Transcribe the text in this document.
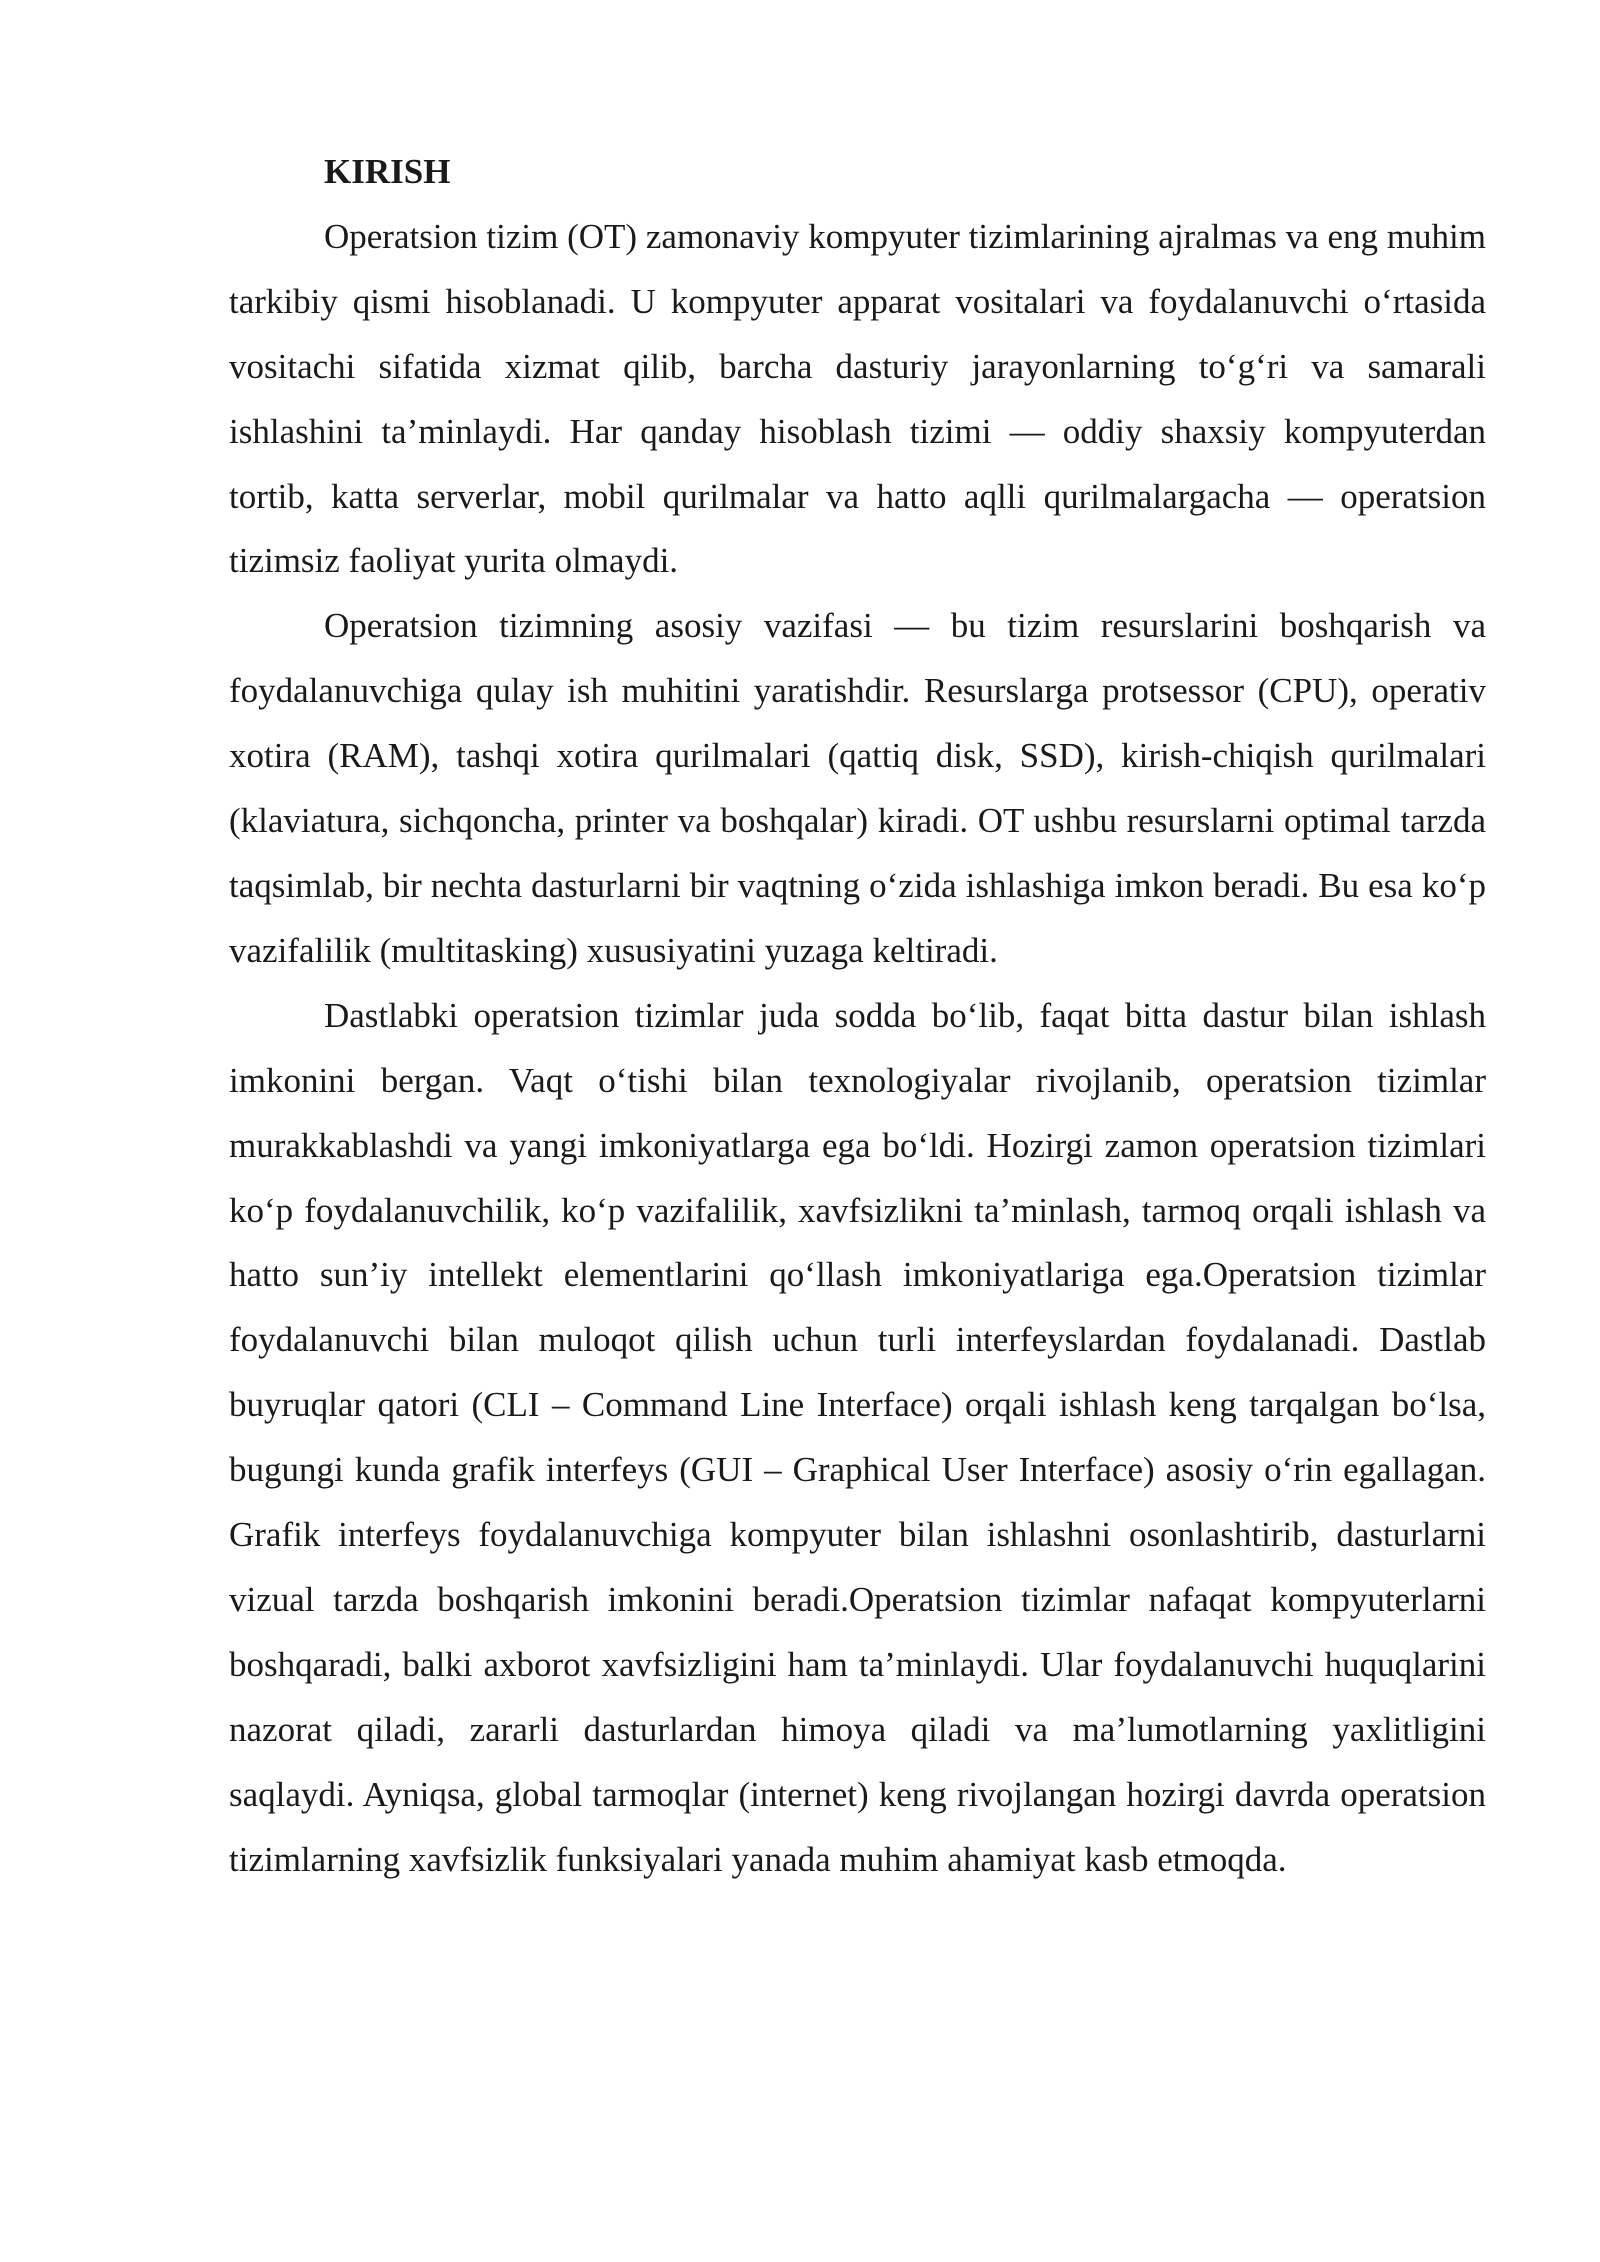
KIRISH

Operatsion tizim (OT) zamonaviy kompyuter tizimlarining ajralmas va eng muhim tarkibiy qismi hisoblanadi. U kompyuter apparat vositalari va foydalanuvchi o‘rtasida vositachi sifatida xizmat qilib, barcha dasturiy jarayonlarning to‘g‘ri va samarali ishlashini ta’minlaydi. Har qanday hisoblash tizimi — oddiy shaxsiy kompyuterdan tortib, katta serverlar, mobil qurilmalar va hatto aqlli qurilmalargacha — operatsion tizimsiz faoliyat yurita olmaydi.

Operatsion tizimning asosiy vazifasi — bu tizim resurslarini boshqarish va foydalanuvchiga qulay ish muhitini yaratishdir. Resurslarga protsessor (CPU), operativ xotira (RAM), tashqi xotira qurilmalari (qattiq disk, SSD), kirish-chiqish qurilmalari (klaviatura, sichqoncha, printer va boshqalar) kiradi. OT ushbu resurslarni optimal tarzda taqsimlab, bir nechta dasturlarni bir vaqtning o‘zida ishlashiga imkon beradi. Bu esa ko‘p vazifalilik (multitasking) xususiyatini yuzaga keltiradi.

Dastlabki operatsion tizimlar juda sodda bo‘lib, faqat bitta dastur bilan ishlash imkonini bergan. Vaqt o‘tishi bilan texnologiyalar rivojlanib, operatsion tizimlar murakkablashdi va yangi imkoniyatlarga ega bo‘ldi. Hozirgi zamon operatsion tizimlari ko‘p foydalanuvchilik, ko‘p vazifalilik, xavfsizlikni ta’minlash, tarmoq orqali ishlash va hatto sun’iy intellekt elementlarini qo‘llash imkoniyatlariga ega.Operatsion tizimlar foydalanuvchi bilan muloqot qilish uchun turli interfeyslardan foydalanadi. Dastlab buyruqlar qatori (CLI – Command Line Interface) orqali ishlash keng tarqalgan bo‘lsa, bugungi kunda grafik interfeys (GUI – Graphical User Interface) asosiy o‘rin egallagan. Grafik interfeys foydalanuvchiga kompyuter bilan ishlashni osonlashtirib, dasturlarni vizual tarzda boshqarish imkonini beradi.Operatsion tizimlar nafaqat kompyuterlarni boshqaradi, balki axborot xavfsizligini ham ta’minlaydi. Ular foydalanuvchi huquqlarini nazorat qiladi, zararli dasturlardan himoya qiladi va ma’lumotlarning yaxlitligini saqlaydi. Ayniqsa, global tarmoqlar (internet) keng rivojlangan hozirgi davrda operatsion tizimlarning xavfsizlik funksiyalari yanada muhim ahamiyat kasb etmoqda.
